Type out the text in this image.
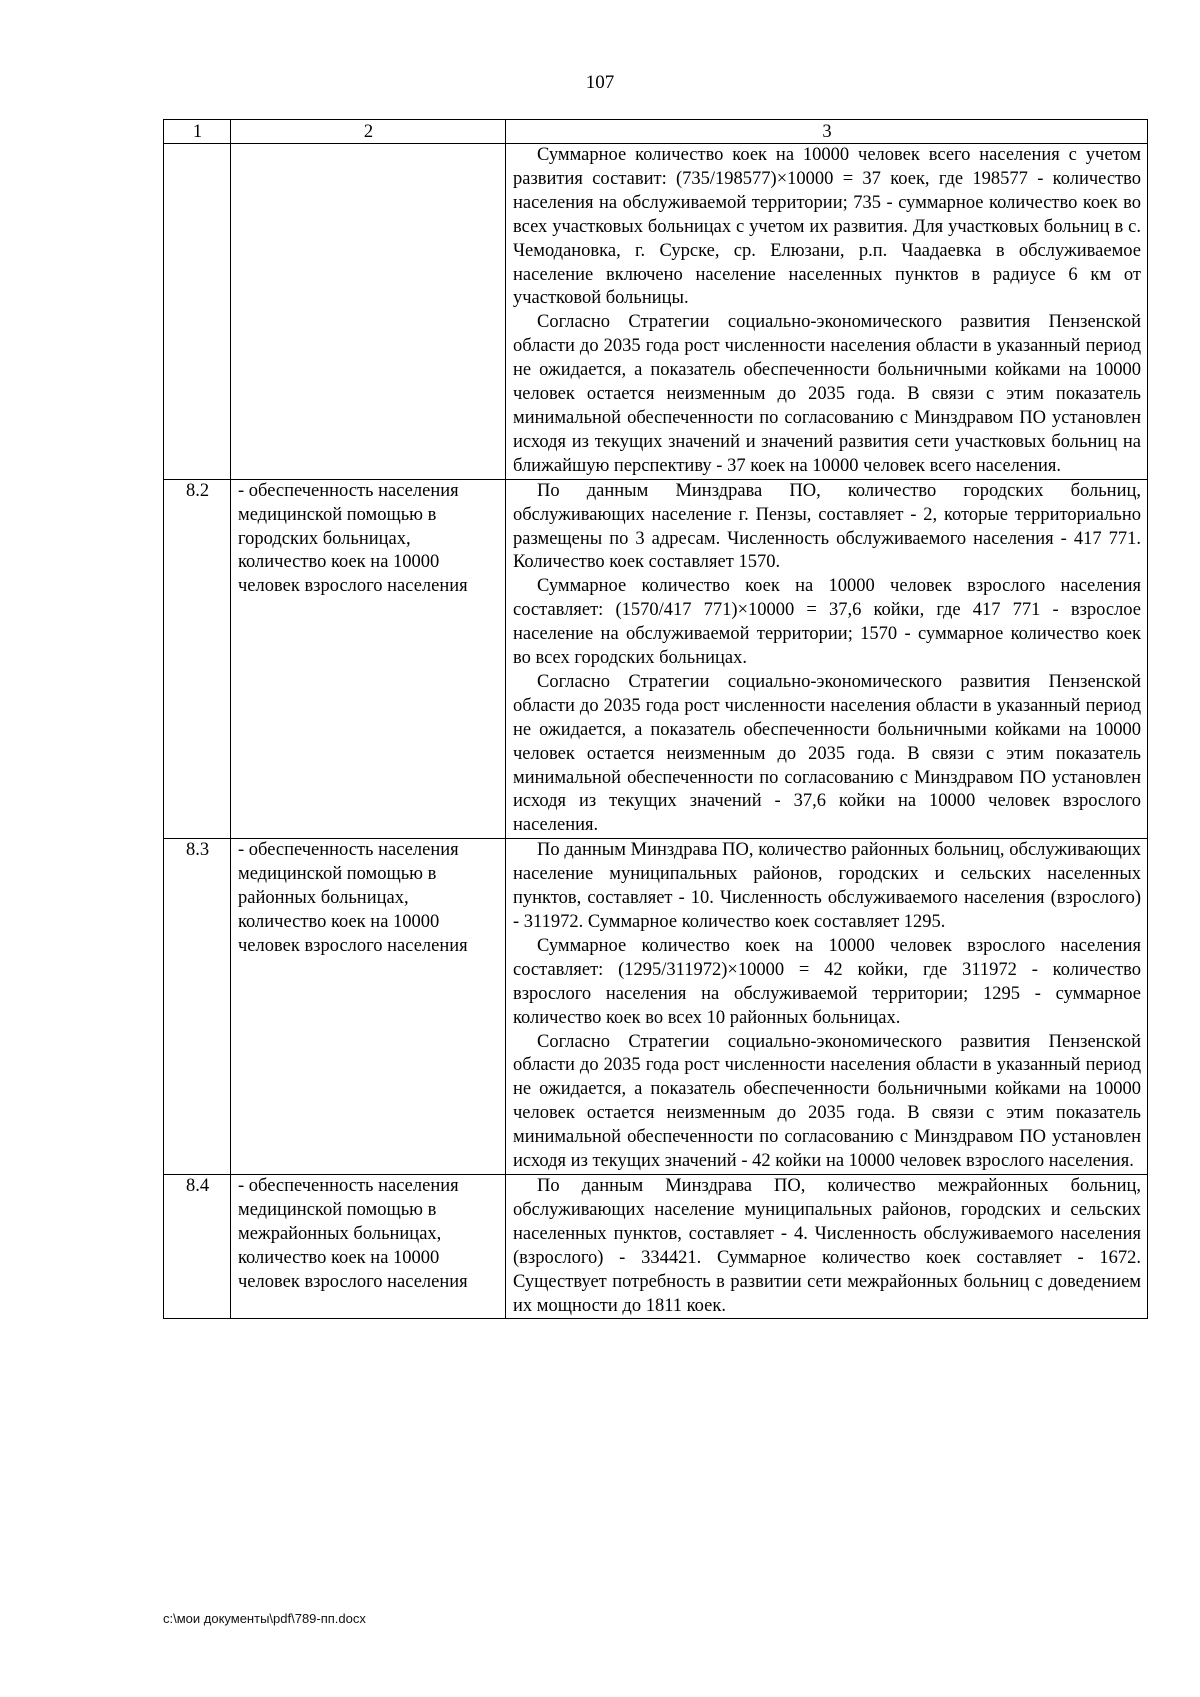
107
1	2	3

		Суммарное количество коек на 10000 человек всего населения с учетом развития составит: (735/198577)×10000 = 37 коек, где 198577 - количество населения на обслуживаемой территории; 735 - суммарное количество коек во всех участковых больницах с учетом их развития. Для участковых больниц в с. Чемодановка, г. Сурске, ср. Елюзани, р.п. Чаадаевка в обслуживаемое население включено население населенных пунктов в радиусе 6 км от участковой больницы.

Согласно Стратегии социально-экономического развития Пензенской области до 2035 года рост численности населения области в указанный период не ожидается, а показатель обеспеченности больничными койками на 10000 человек остается неизменным до 2035 года. В связи с этим показатель минимальной обеспеченности по согласованию с Минздравом ПО установлен исходя из текущих значений и значений развития сети участковых больниц на ближайшую перспективу - 37 коек на 10000 человек всего населения.

8.2	- обеспеченность населения медицинской помощью в городских больницах, количество коек на 10000 человек взрослого населения	По данным Минздрава ПО, количество городских больниц, обслуживающих население г. Пензы, составляет - 2, которые территориально размещены по 3 адресам. Численность обслуживаемого населения - 417 771. Количество коек составляет 1570.

Суммарное количество коек на 10000 человек взрослого населения составляет: (1570/417 771)×10000 = 37,6 койки, где 417 771 - взрослое население на обслуживаемой территории; 1570 - суммарное количество коек во всех городских больницах.

Согласно Стратегии социально-экономического развития Пензенской области до 2035 года рост численности населения области в указанный период не ожидается, а показатель обеспеченности больничными койками на 10000 человек остается неизменным до 2035 года. В связи с этим показатель минимальной обеспеченности по согласованию с Минздравом ПО установлен исходя из текущих значений - 37,6 койки на 10000 человек взрослого населения.

8.3	- обеспеченность населения медицинской помощью в районных больницах, количество коек на 10000 человек взрослого населения	По данным Минздрава ПО, количество районных больниц, обслуживающих население муниципальных районов, городских и сельских населенных пунктов, составляет - 10. Численность обслуживаемого населения (взрослого) - 311972. Суммарное количество коек составляет 1295.

Суммарное количество коек на 10000 человек взрослого населения составляет: (1295/311972)×10000 = 42 койки, где 311972 - количество взрослого населения на обслуживаемой территории; 1295 - суммарное количество коек во всех 10 районных больницах.

Согласно Стратегии социально-экономического развития Пензенской области до 2035 года рост численности населения области в указанный период не ожидается, а показатель обеспеченности больничными койками на 10000 человек остается неизменным до 2035 года. В связи с этим показатель минимальной обеспеченности по согласованию с Минздравом ПО установлен исходя из текущих значений - 42 койки на 10000 человек взрослого населения.

8.4	- обеспеченность населения медицинской помощью в межрайонных больницах, количество коек на 10000 человек взрослого населения	По данным Минздрава ПО, количество межрайонных больниц, обслуживающих население муниципальных районов, городских и сельских населенных пунктов, составляет - 4. Численность обслуживаемого населения (взрослого) - 334421. Суммарное количество коек составляет - 1672. Существует потребность в развитии сети межрайонных больниц с доведением их мощности до 1811 коек.

c:\мои документы\pdf\789-пп.docx
